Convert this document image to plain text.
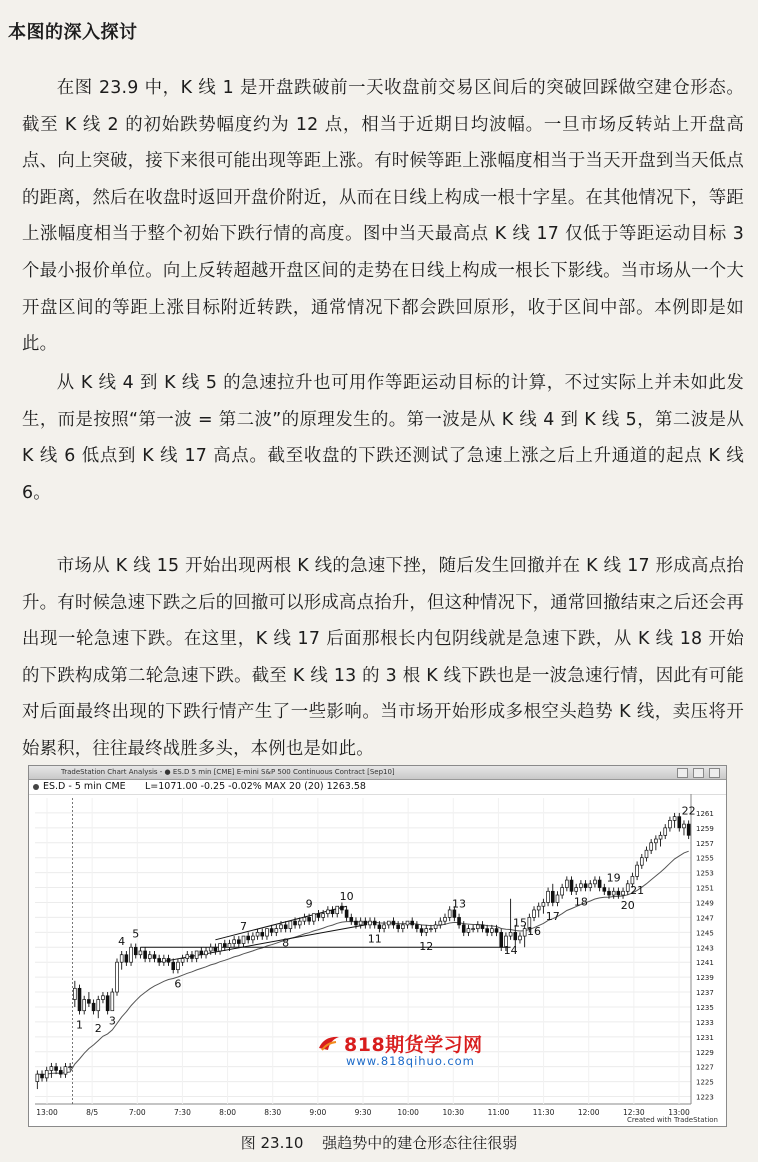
本图的深入探讨

在图 23.9 中，K 线 1 是开盘跌破前一天收盘前交易区间后的突破回踩做空建仓形态。截至 K 线 2 的初始跌势幅度约为 12 点，相当于近期日均波幅。一旦市场反转站上开盘高点、向上突破，接下来很可能出现等距上涨。有时候等距上涨幅度相当于当天开盘到当天低点的距离，然后在收盘时返回开盘价附近，从而在日线上构成一根十字星。在其他情况下，等距上涨幅度相当于整个初始下跌行情的高度。图中当天最高点 K 线 17 仅低于等距运动目标 3 个最小报价单位。向上反转超越开盘区间的走势在日线上构成一根长下影线。当市场从一个大开盘区间的等距上涨目标附近转跌，通常情况下都会跌回原形，收于区间中部。本例即是如此。

从 K 线 4 到 K 线 5 的急速拉升也可用作等距运动目标的计算，不过实际上并未如此发生，而是按照“第一波 = 第二波”的原理发生的。第一波是从 K 线 4 到 K 线 5，第二波是从 K 线 6 低点到 K 线 17 高点。截至收盘的下跌还测试了急速上涨之后上升通道的起点 K 线 6。

市场从 K 线 15 开始出现两根 K 线的急速下挫，随后发生回撤并在 K 线 17 形成高点抬升。有时候急速下跌之后的回撤可以形成高点抬升，但这种情况下，通常回撤结束之后还会再出现一轮急速下跌。在这里，K 线 17 后面那根长内包阴线就是急速下跌，从 K 线 18 开始的下跌构成第二轮急速下跌。截至 K 线 13 的 3 根 K 线下跌也是一波急速行情，因此有可能对后面最终出现的下跌行情产生了一些影响。当市场开始形成多根空头趋势 K 线，卖压将开始累积，往往最终战胜多头，本例也是如此。

TradeStation Chart Analysis - ● ES.D 5 min [CME] E-mini S&P 500 Continuous Contract [Sep10]

ES.D - 5 min CME L=1071.00 -0.25 -0.02% MAX 20 (20) 1263.58
1261
1259
1257
1255
1253
1251
1249
1247
1245
1243
1241
1239
1237
1235
1233
1231
1229
1227
1225
1223
13:00	8/5	7:00	7:30	8:00	8:30	9:00	9:30	10:00	10:30	11:00	11:30	12:00	12:30	13:00
1 2
3
4
5
6
7
8
9
10
11
12
13
14
15
16
17
18
19
20
21
22
Created with TradeStation
818期货学习网
www.818qihuo.com
图 23.10 强趋势中的建仓形态往往很弱
